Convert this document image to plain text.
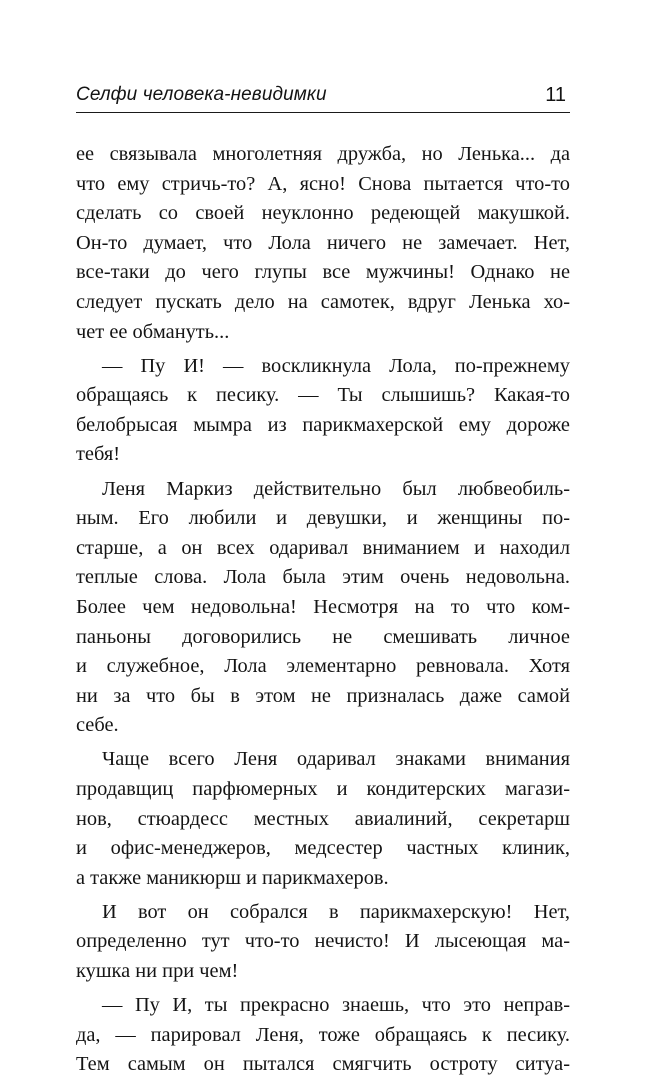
Селфи человека-невидимки	11
ее связывала многолетняя дружба, но Ленька... да
что ему стричь-то? А, ясно! Снова пытается что-то
сделать со своей неуклонно редеющей макушкой.
Он-то думает, что Лола ничего не замечает. Нет,
все-таки до чего глупы все мужчины! Однако не
следует пускать дело на самотек, вдруг Ленька хо-
чет ее обмануть...
— Пу И! — воскликнула Лола, по-прежнему
обращаясь к песику. — Ты слышишь? Какая-то
белобрысая мымра из парикмахерской ему дороже
тебя!
Леня Маркиз действительно был любвеобиль-
ным. Его любили и девушки, и женщины по-
старше, а он всех одаривал вниманием и находил
теплые слова. Лола была этим очень недовольна.
Более чем недовольна! Несмотря на то что ком-
паньоны договорились не смешивать личное
и служебное, Лола элементарно ревновала. Хотя
ни за что бы в этом не призналась даже самой
себе.
Чаще всего Леня одаривал знаками внимания
продавщиц парфюмерных и кондитерских магази-
нов, стюардесс местных авиалиний, секретарш
и офис-менеджеров, медсестер частных клиник,
а также маникюрш и парикмахеров.
И вот он собрался в парикмахерскую! Нет,
определенно тут что-то нечисто! И лысеющая ма-
кушка ни при чем!
— Пу И, ты прекрасно знаешь, что это неправ-
да, — парировал Леня, тоже обращаясь к песику.
Тем самым он пытался смягчить остроту ситуа-
